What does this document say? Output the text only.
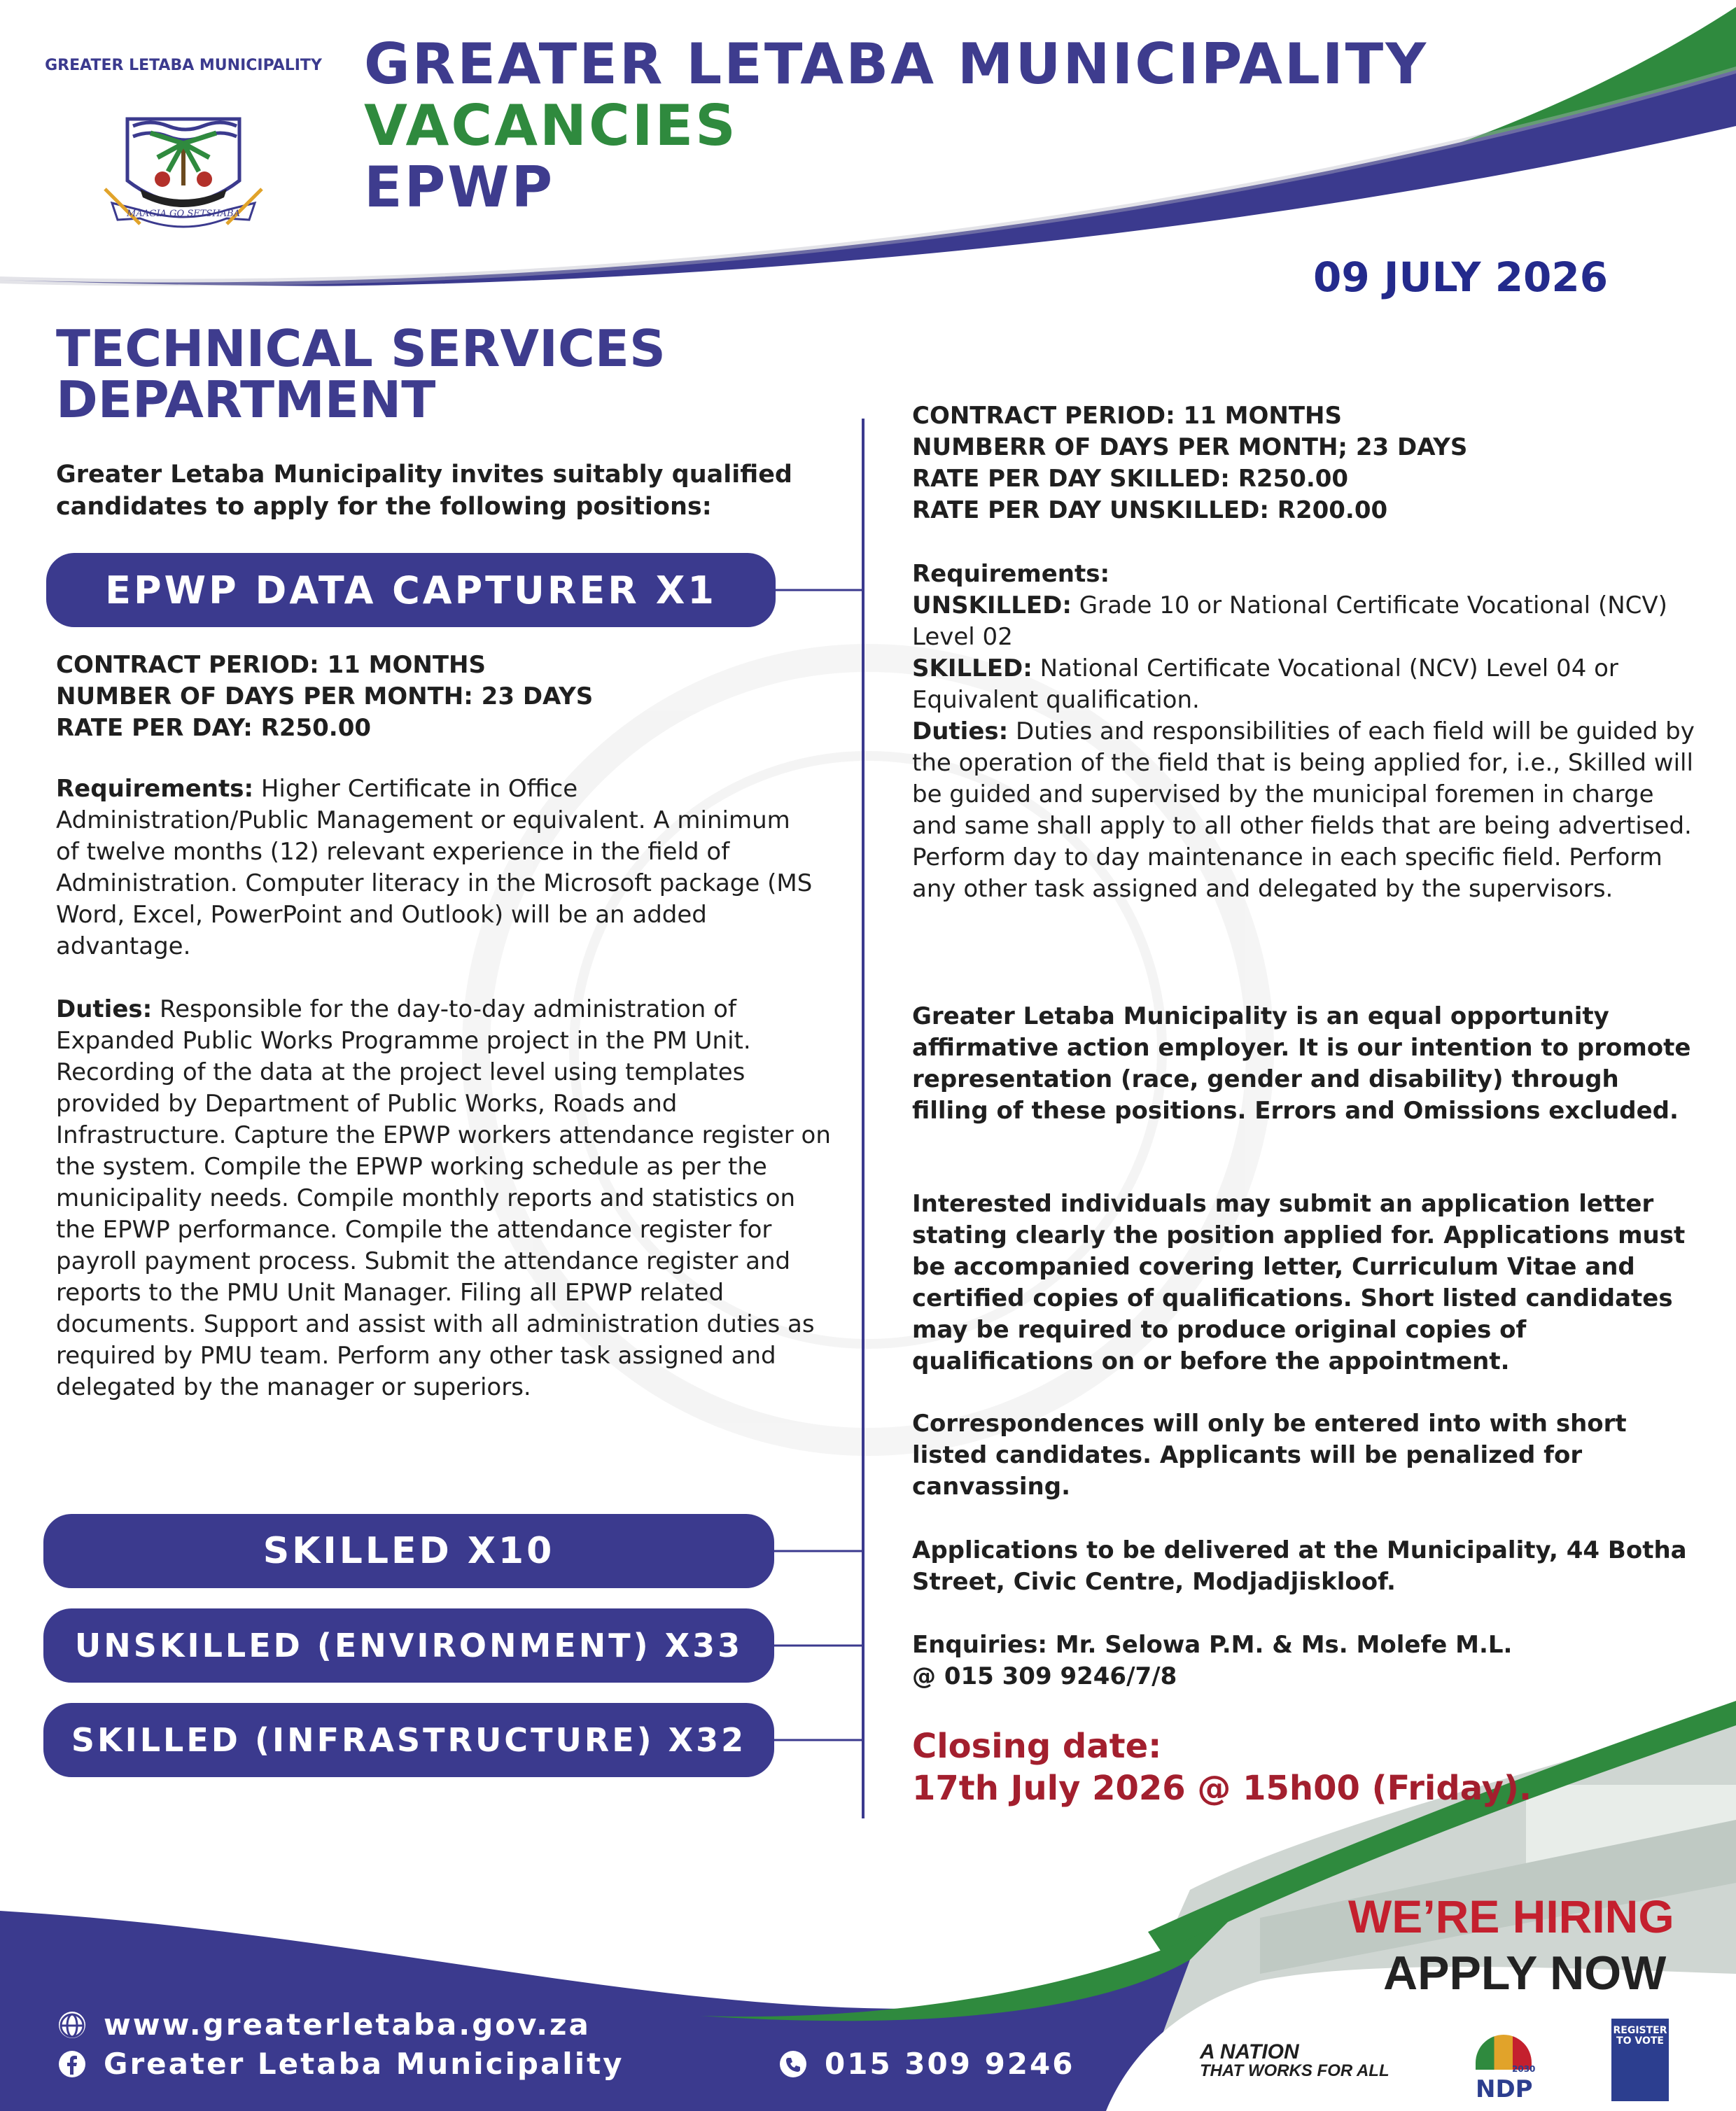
GREATER LETABA MUNICIPALITY
MAAGIA GO SETSHABA
GREATER LETABA MUNICIPALITY
VACANCIES
EPWP
09 JULY 2026
TECHNICAL SERVICES DEPARTMENT
Greater Letaba Municipality invites suitably qualified candidates to apply for the following positions:
EPWP DATA CAPTURER X1
CONTRACT PERIOD: 11 MONTHS
NUMBER OF DAYS PER MONTH: 23 DAYS
RATE PER DAY: R250.00
Requirements: Higher Certificate in Office Administration/Public Management or equivalent. A minimum of twelve months (12) relevant experience in the field of Administration. Computer literacy in the Microsoft package (MS Word, Excel, PowerPoint and Outlook) will be an added advantage.
Duties: Responsible for the day-to-day administration of Expanded Public Works Programme project in the PM Unit. Recording of the data at the project level using templates provided by Department of Public Works, Roads and Infrastructure. Capture the EPWP workers attendance register on the system. Compile the EPWP working schedule as per the municipality needs. Compile monthly reports and statistics on the EPWP performance. Compile the attendance register for payroll payment process. Submit the attendance register and reports to the PMU Unit Manager. Filing all EPWP related documents. Support and assist with all administration duties as required by PMU team. Perform any other task assigned and delegated by the manager or superiors.
SKILLED X10
UNSKILLED (ENVIRONMENT) X33
SKILLED (INFRASTRUCTURE) X32
CONTRACT PERIOD: 11 MONTHS
NUMBERR OF DAYS PER MONTH; 23 DAYS
RATE PER DAY SKILLED: R250.00
RATE PER DAY UNSKILLED: R200.00
Requirements:
UNSKILLED: Grade 10 or National Certificate Vocational (NCV) Level 02
SKILLED: National Certificate Vocational (NCV) Level 04 or Equivalent qualification.
Duties: Duties and responsibilities of each field will be guided by the operation of the field that is being applied for, i.e., Skilled will be guided and supervised by the municipal foremen in charge and same shall apply to all other fields that are being advertised. Perform day to day maintenance in each specific field. Perform any other task assigned and delegated by the supervisors.
Greater Letaba Municipality is an equal opportunity affirmative action employer. It is our intention to promote representation (race, gender and disability) through filling of these positions. Errors and Omissions excluded.
Interested individuals may submit an application letter stating clearly the position applied for. Applications must be accompanied covering letter, Curriculum Vitae and certified copies of qualifications. Short listed candidates may be required to produce original copies of qualifications on or before the appointment.
Correspondences will only be entered into with short listed candidates. Applicants will be penalized for canvassing.
Applications to be delivered at the Municipality, 44 Botha Street, Civic Centre, Modjadjiskloof.
Enquiries: Mr. Selowa P.M. & Ms. Molefe M.L.
@ 015 309 9246/7/8
Closing date:
17th July 2026 @ 15h00 (Friday).
WE’RE HIRING
APPLY NOW
www.greaterletaba.gov.za
Greater Letaba Municipality	015 309 9246	A NATION
THAT WORKS FOR ALL	2030
NDP
REGISTER
TO VOTE
